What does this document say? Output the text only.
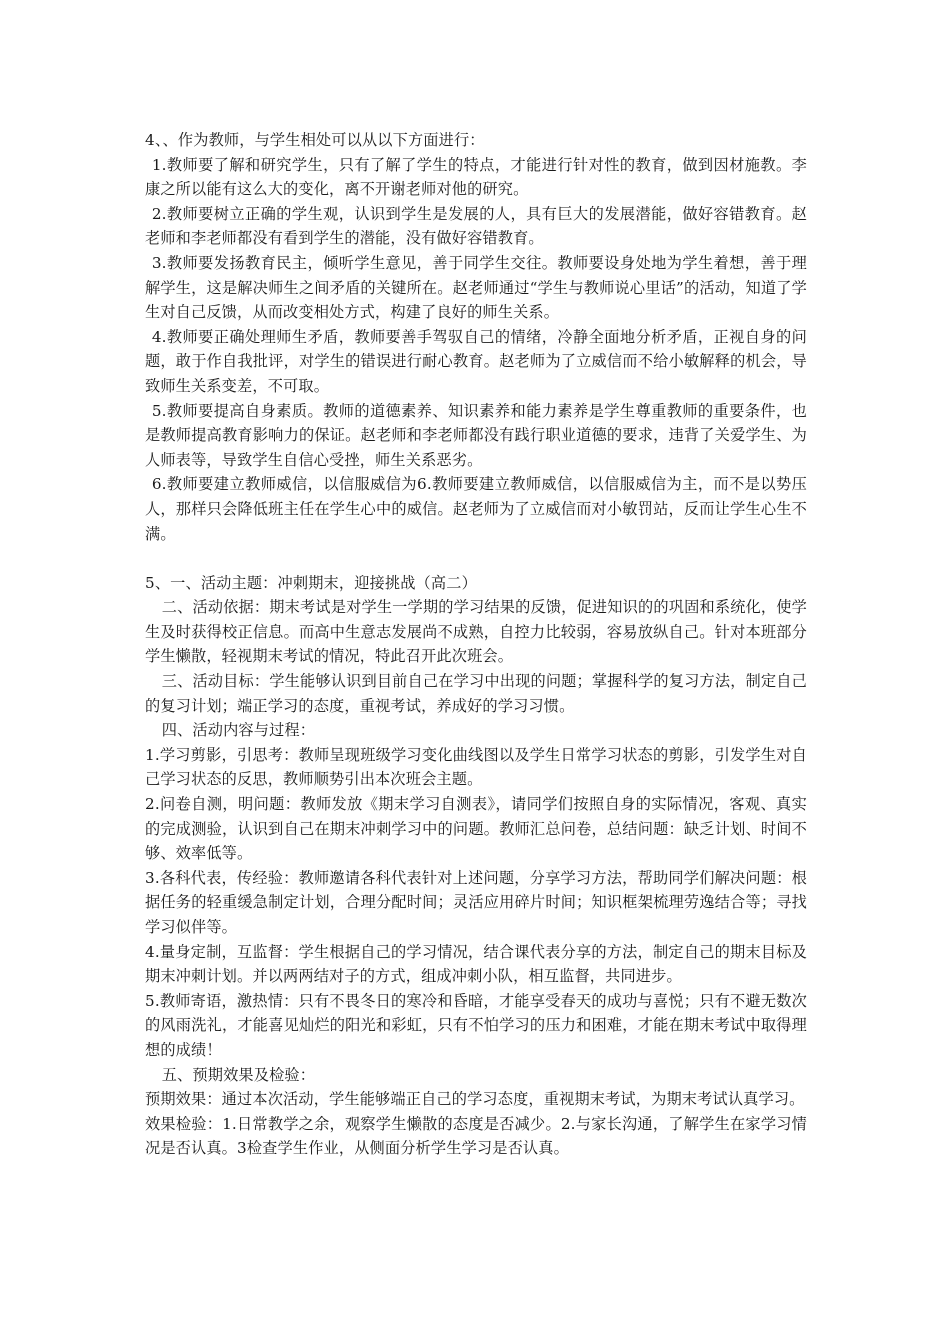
4、、作为教师，与学生相处可以从以下方面进行：

1.教师要了解和研究学生，只有了解了学生的特点，才能进行针对性的教育，做到因材施教。李康之所以能有这么大的变化，离不开谢老师对他的研究。

2.教师要树立正确的学生观，认识到学生是发展的人，具有巨大的发展潜能，做好容错教育。赵老师和李老师都没有看到学生的潜能，没有做好容错教育。

3.教师要发扬教育民主，倾听学生意见，善于同学生交往。教师要设身处地为学生着想，善于理解学生，这是解决师生之间矛盾的关键所在。赵老师通过“学生与教师说心里话”的活动，知道了学生对自己反馈，从而改变相处方式，构建了良好的师生关系。

4.教师要正确处理师生矛盾，教师要善手驾驭自己的情绪，冷静全面地分析矛盾，正视自身的问题，敢于作自我批评，对学生的错误进行耐心教育。赵老师为了立威信而不给小敏解释的机会，导致师生关系变差，不可取。

5.教师要提高自身素质。教师的道德素养、知识素养和能力素养是学生尊重教师的重要条件，也是教师提高教育影响力的保证。赵老师和李老师都没有践行职业道德的要求，违背了关爱学生、为人师表等，导致学生自信心受挫，师生关系恶劣。

6.教师要建立教师威信，以信服威信为6.教师要建立教师威信，以信服威信为主，而不是以势压人，那样只会降低班主任在学生心中的威信。赵老师为了立威信而对小敏罚站，反而让学生心生不满。

5、一、活动主题：冲刺期末，迎接挑战（高二）

二、活动依据：期末考试是对学生一学期的学习结果的反馈，促进知识的的巩固和系统化，使学生及时获得校正信息。而高中生意志发展尚不成熟，自控力比较弱，容易放纵自己。针对本班部分学生懒散，轻视期末考试的情况，特此召开此次班会。

三、活动目标：学生能够认识到目前自己在学习中出现的问题；掌握科学的复习方法，制定自己的复习计划；端正学习的态度，重视考试，养成好的学习习惯。

四、活动内容与过程：

1.学习剪影，引思考：教师呈现班级学习变化曲线图以及学生日常学习状态的剪影，引发学生对自己学习状态的反思，教师顺势引出本次班会主题。

2.问卷自测，明问题：教师发放《期末学习自测表》，请同学们按照自身的实际情况，客观、真实的完成测验，认识到自己在期末冲刺学习中的问题。教师汇总问卷，总结问题：缺乏计划、时间不够、效率低等。

3.各科代表，传经验：教师邀请各科代表针对上述问题，分享学习方法，帮助同学们解决问题：根据任务的轻重缓急制定计划，合理分配时间；灵活应用碎片时间；知识框架梳理劳逸结合等；寻找学习似伴等。

4.量身定制，互监督：学生根据自己的学习情况，结合课代表分享的方法，制定自己的期末目标及期末冲刺计划。并以两两结对子的方式，组成冲刺小队，相互监督，共同进步。

5.教师寄语，激热情：只有不畏冬日的寒冷和昏暗，才能享受春天的成功与喜悦；只有不避无数次的风雨洗礼，才能喜见灿烂的阳光和彩虹，只有不怕学习的压力和困难，才能在期末考试中取得理想的成绩！

五、预期效果及检验：

预期效果：通过本次活动，学生能够端正自己的学习态度，重视期末考试，为期末考试认真学习。

效果检验：1.日常教学之余，观察学生懒散的态度是否减少。2.与家长沟通，了解学生在家学习情况是否认真。3检查学生作业，从侧面分析学生学习是否认真。
